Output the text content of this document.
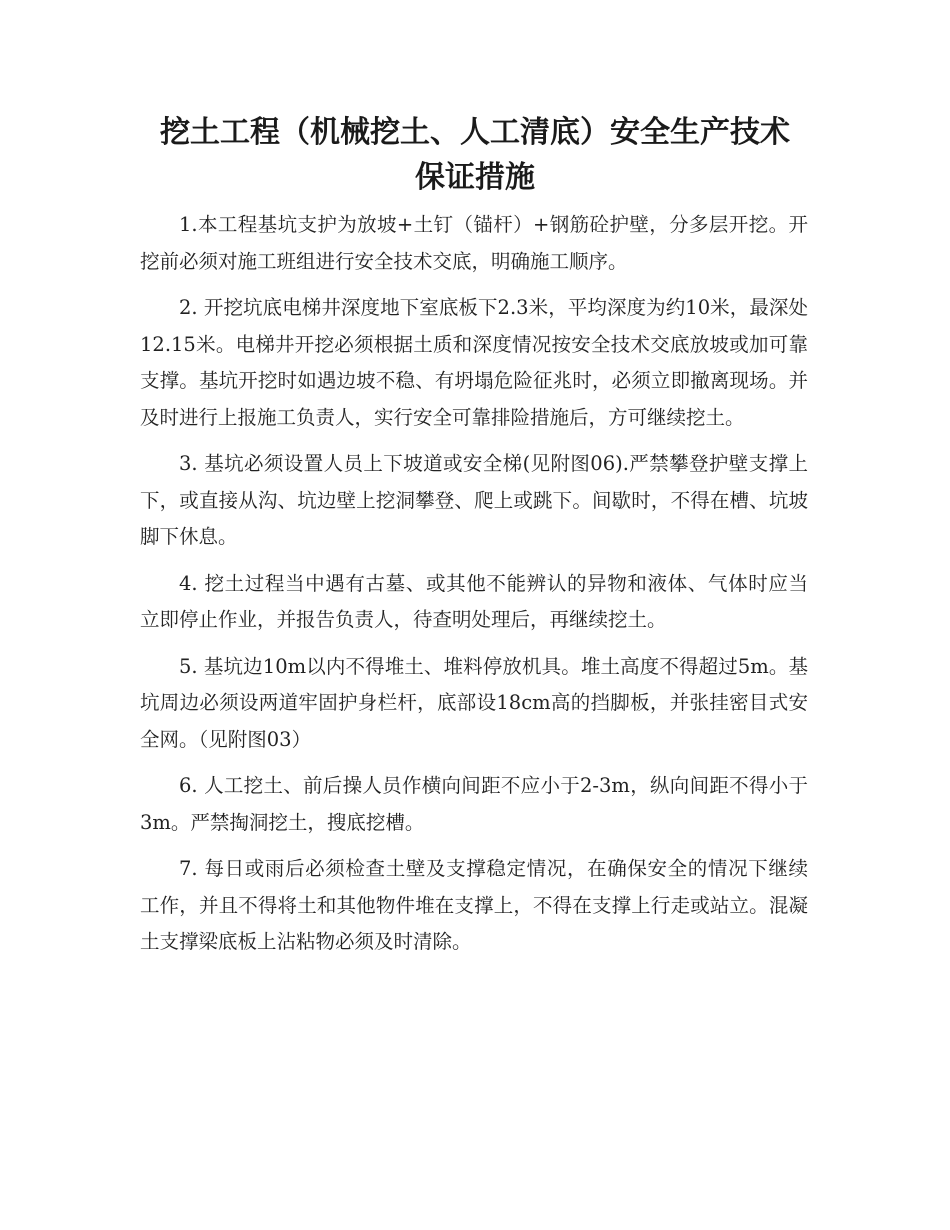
挖土工程（机械挖土、人工清底）安全生产技术
保证措施

1.本工程基坑支护为放坡+土钉（锚杆）+钢筋砼护壁，分多层开挖。开挖前必须对施工班组进行安全技术交底，明确施工顺序。

2. 开挖坑底电梯井深度地下室底板下2.3米，平均深度为约10米，最深处12.15米。电梯井开挖必须根据土质和深度情况按安全技术交底放坡或加可靠支撑。基坑开挖时如遇边坡不稳、有坍塌危险征兆时，必须立即撤离现场。并及时进行上报施工负责人，实行安全可靠排险措施后，方可继续挖土。

3. 基坑必须设置人员上下坡道或安全梯(见附图06).严禁攀登护壁支撑上下，或直接从沟、坑边壁上挖洞攀登、爬上或跳下。间歇时，不得在槽、坑坡脚下休息。

4. 挖土过程当中遇有古墓、或其他不能辨认的异物和液体、气体时应当立即停止作业，并报告负责人，待查明处理后，再继续挖土。

5. 基坑边10m以内不得堆土、堆料停放机具。堆土高度不得超过5m。基坑周边必须设两道牢固护身栏杆，底部设18cm高的挡脚板，并张挂密目式安全网。（见附图03）

6. 人工挖土、前后操人员作横向间距不应小于2-3m，纵向间距不得小于3m。严禁掏洞挖土，搜底挖槽。

7. 每日或雨后必须检查土壁及支撑稳定情况，在确保安全的情况下继续工作，并且不得将土和其他物件堆在支撑上，不得在支撑上行走或站立。混凝土支撑梁底板上沾粘物必须及时清除。
